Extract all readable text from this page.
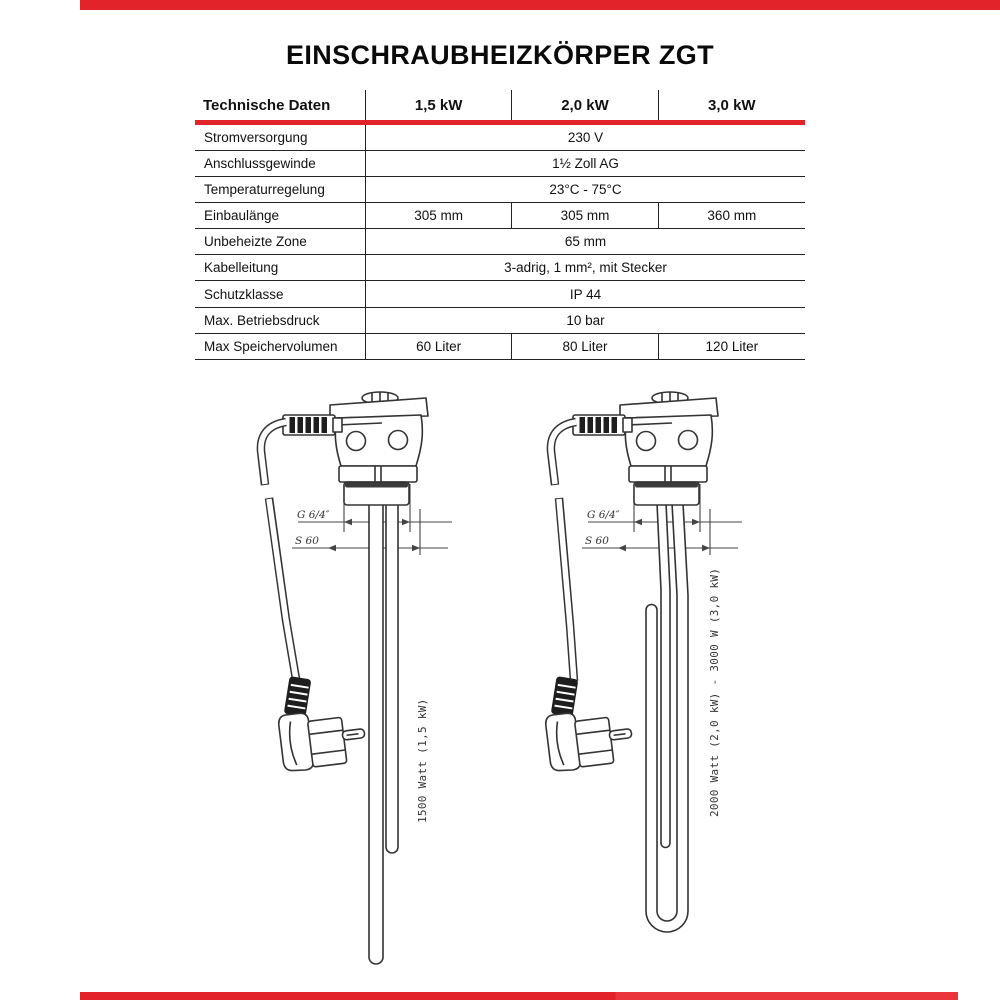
EINSCHRAUBHEIZKÖRPER ZGT
Technische Daten	1,5 kW	2,0 kW	3,0 kW
Stromversorgung	230 V
Anschlussgewinde	1½ Zoll AG
Temperaturregelung	23°C - 75°C
Einbaulänge	305 mm	305 mm	360 mm
Unbeheizte Zone	65 mm
Kabelleitung	3-adrig, 1 mm², mit Stecker
Schutzklasse	IP 44
Max. Betriebsdruck	10 bar
Max Speichervolumen	60 Liter	80 Liter	120 Liter
G 6/4″
S 60
G 6/4″
S 60
1500 Watt (1,5 kW)	2000 Watt (2,0 kW) - 3000 W (3,0 kW)
